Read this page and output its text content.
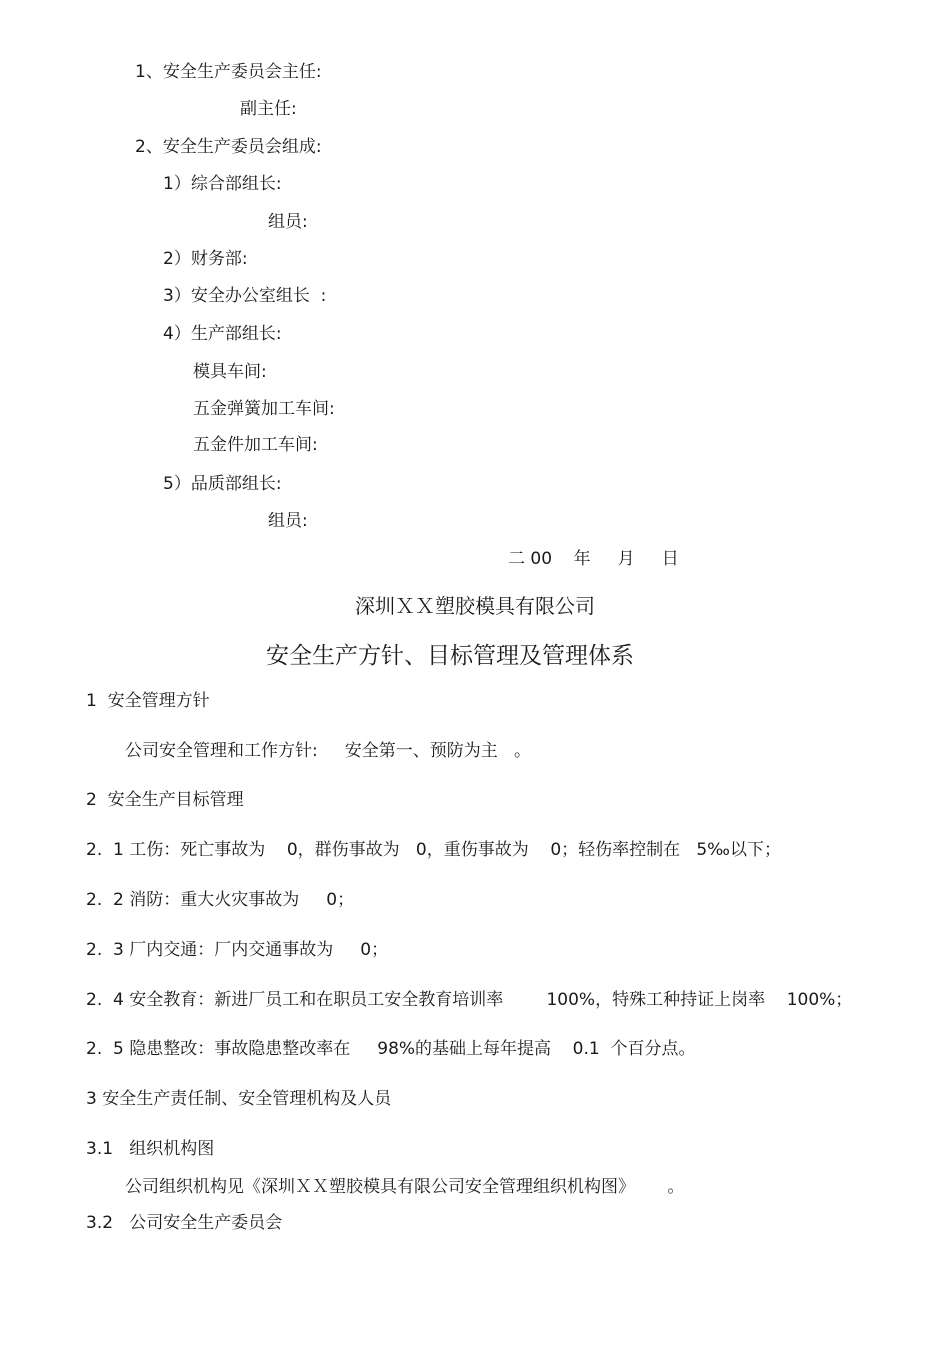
1、安全生产委员会主任:
副主任:
2、安全生产委员会组成:
1）综合部组长:
组员:
2）财务部:
3）安全办公室组长  :
4）生产部组长:
模具车间:
五金弹簧加工车间:
五金件加工车间:
5）品质部组长:
组员:
二 00    年     月     日
深圳ＸＸ塑胶模具有限公司
安全生产方针、目标管理及管理体系
1  安全管理方针
公司安全管理和工作方针:     安全第一、预防为主   。
2  安全生产目标管理
2.  1 工伤：死亡事故为    0，群伤事故为   0，重伤事故为    0；轻伤率控制在   5‰以下；
2.  2 消防：重大火灾事故为     0；
2.  3 厂内交通：厂内交通事故为     0；
2.  4 安全教育：新进厂员工和在职员工安全教育培训率        100%，特殊工种持证上岗率    100%；
2.  5 隐患整改：事故隐患整改率在     98%的基础上每年提高    0.1  个百分点。
3 安全生产责任制、安全管理机构及人员
3.1   组织机构图
公司组织机构见《深圳ＸＸ塑胶模具有限公司安全管理组织机构图》      。
3.2   公司安全生产委员会
